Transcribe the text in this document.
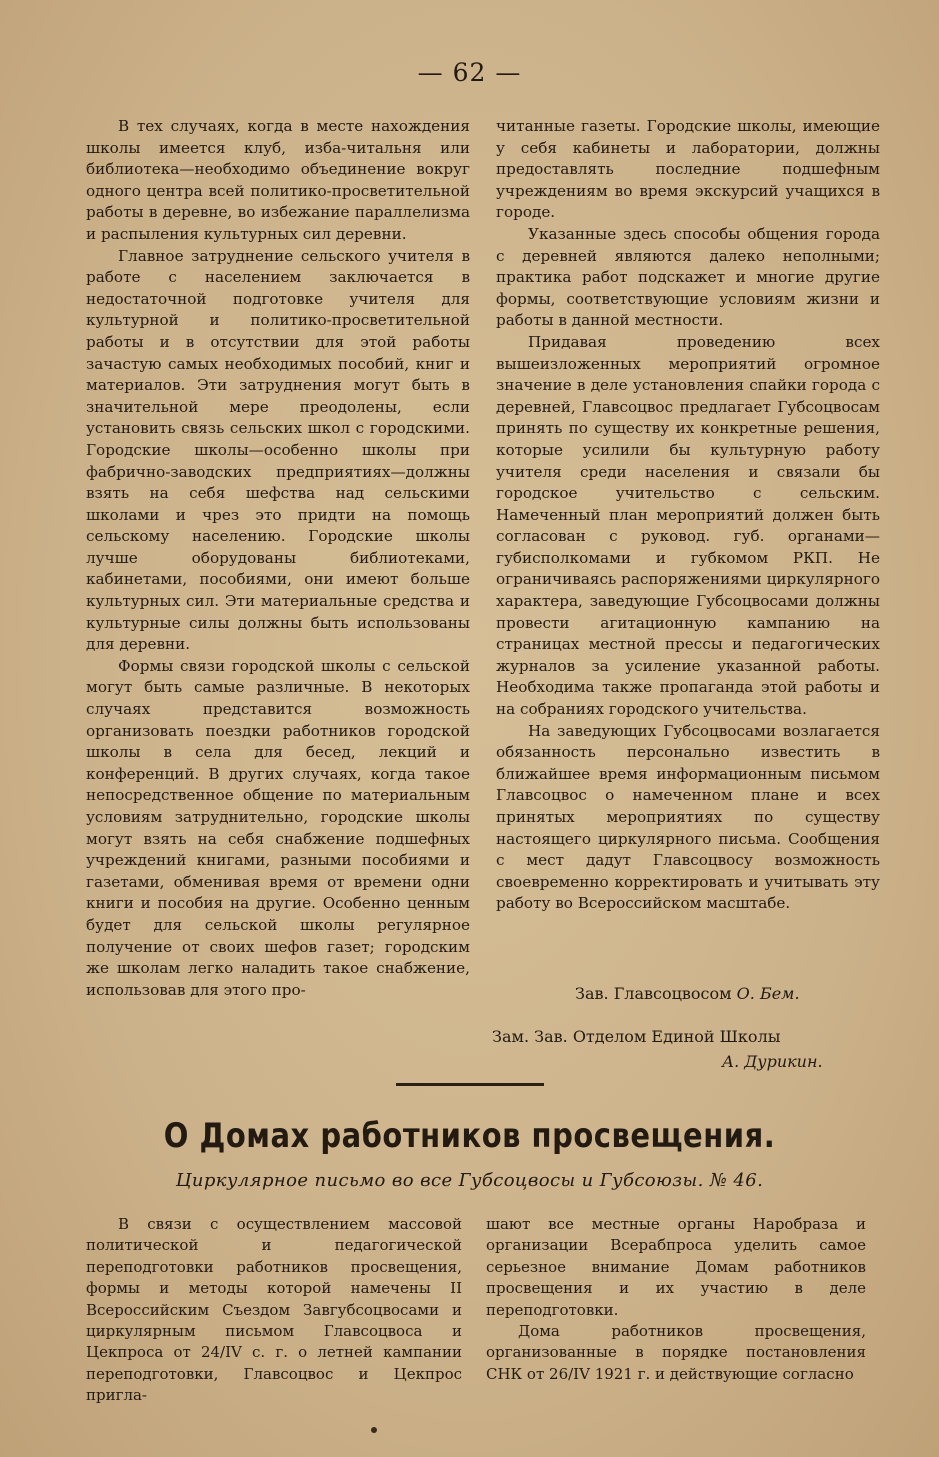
— 62 —

В тех случаях, когда в месте нахождения школы имеется клуб, изба-читальня или библиотека—необходимо объединение вокруг одного центра всей политико-просветительной работы в деревне, во избежание параллелизма и распыления культурных сил деревни.

Главное затруднение сельского учителя в работе с населением заключается в недостаточной подготовке учителя для культурной и политико-просветительной работы и в отсутствии для этой работы зачастую самых необходимых пособий, книг и материалов. Эти затруднения могут быть в значительной мере преодолены, если установить связь сельских школ с городскими. Городские школы—особенно школы при фабрично-заводских предприятиях—должны взять на себя шефства над сельскими школами и чрез это придти на помощь сельскому населению. Городские школы лучше оборудованы библиотеками, кабинетами, пособиями, они имеют больше культурных сил. Эти материальные средства и культурные силы должны быть использованы для деревни.

Формы связи городской школы с сельской могут быть самые различные. В некоторых случаях представится возможность организовать поездки работников городской школы в села для бесед, лекций и конференций. В других случаях, когда такое непосредственное общение по материальным условиям затруднительно, городские школы могут взять на себя снабжение подшефных учреждений книгами, разными пособиями и газетами, обменивая время от времени одни книги и пособия на другие. Особенно ценным будет для сельской школы регулярное получение от своих шефов газет; городским же школам легко наладить такое снабжение, использовав для этого про-

читанные газеты. Городские школы, имеющие у себя кабинеты и лаборатории, должны предоставлять последние подшефным учреждениям во время экскурсий учащихся в городе.

Указанные здесь способы общения города с деревней являются далеко неполными; практика работ подскажет и многие другие формы, соответствующие условиям жизни и работы в данной местности.

Придавая проведению всех вышеизложенных мероприятий огромное значение в деле установления спайки города с деревней, Главсоцвос предлагает Губсоцвосам принять по существу их конкретные решения, которые усилили бы культурную работу учителя среди населения и связали бы городское учительство с сельским. Намеченный план мероприятий должен быть согласован с руковод. губ. органами—губисполкомами и губкомом РКП. Не ограничиваясь распоряжениями циркулярного характера, заведующие Губсоцвосами должны провести агитационную кампанию на страницах местной прессы и педагогических журналов за усиление указанной работы. Необходима также пропаганда этой работы и на собраниях городского учительства.

На заведующих Губсоцвосами возлагается обязанность персонально известить в ближайшее время информационным письмом Главсоцвос о намеченном плане и всех принятых мероприятиях по существу настоящего циркулярного письма. Сообщения с мест дадут Главсоцвосу возможность своевременно корректировать и учитывать эту работу во Всероссийском масштабе.

Зав. Главсоцвосом О. Бем.
Зам. Зав. Отделом Единой Школы
А. Дурикин.
О Домах работников просвещения.
Циркулярное письмо во все Губсоцвосы и Губсоюзы. № 46.

В связи с осуществлением массовой политической и педагогической переподготовки работников просвещения, формы и методы которой намечены II Всероссийским Съездом Завгубсоцвосами и циркулярным письмом Главсоцвоса и Цекпроса от 24/IV с. г. о летней кампании переподготовки, Главсоцвос и Цекпрос пригла-

шают все местные органы Наробраза и организации Всерабпроса уделить самое серьезное внимание Домам работников просвещения и их участию в деле переподготовки.

Дома работников просвещения, организованные в порядке постановления СНК от 26/IV 1921 г. и действующие согласно
